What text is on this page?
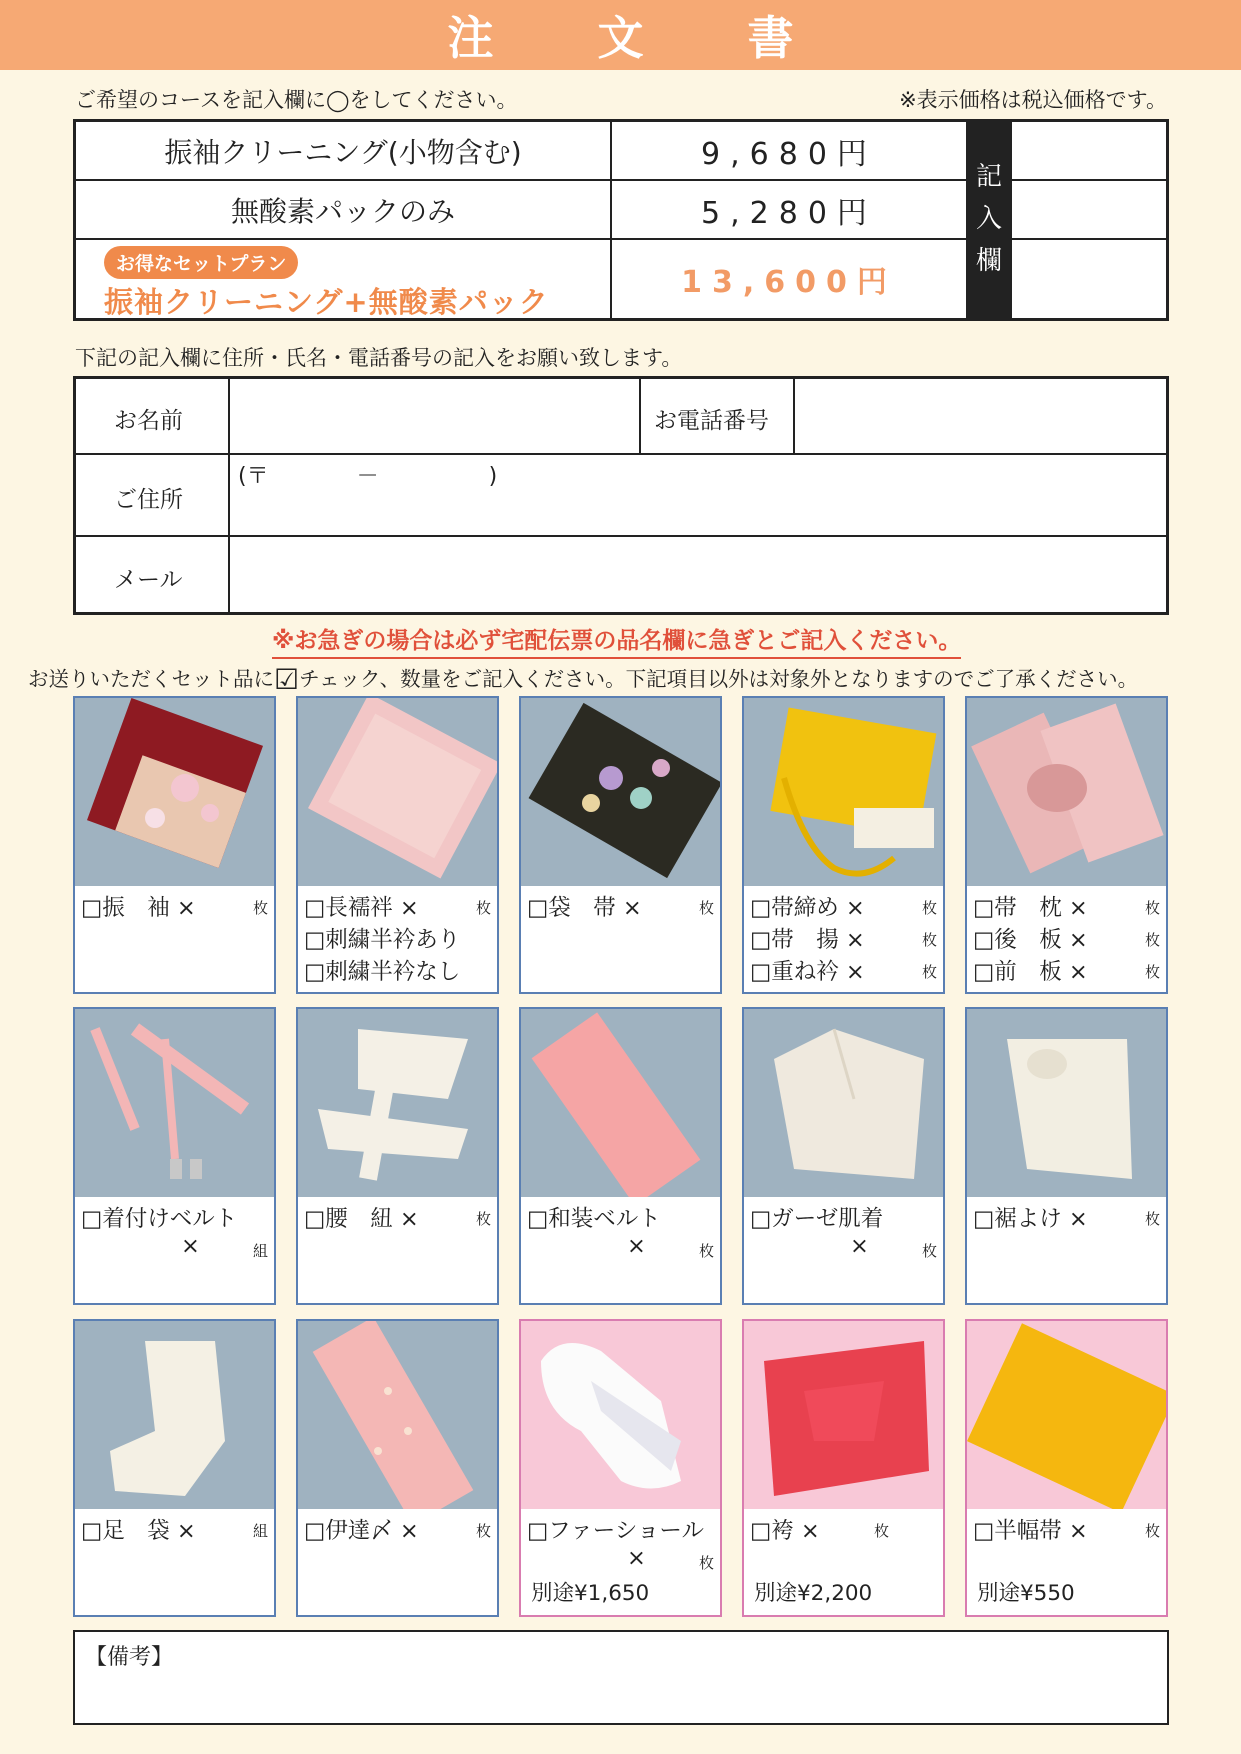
注 文 書
ご希望のコースを記入欄に◯をしてください。	※表示価格は税込価格です。
振袖クリーニング(小物含む)	9,680円
無酸素パックのみ	5,280円
お得なセットプラン
振袖クリーニング+無酸素パック
13,600円
記
入
欄
下記の記入欄に住所・氏名・電話番号の記入をお願い致します。
お名前	お電話番号
ご住所
(〒　　　　－　　　　　)
メール
※お急ぎの場合は必ず宅配伝票の品名欄に急ぎとご記入ください。
お送りいただくセット品に☑チェック、数量をご記入ください。下記項目以外は対象外となりますのでご了承ください。
□振　袖 ×	枚 □長襦袢 ×	枚
□刺繍半衿あり
□刺繍半衿なし
□袋　帯 ×	枚 □帯締め ×	枚
□帯　揚 ×	枚
□重ね衿 ×	枚
□帯　枕 ×	枚
□後　板 ×	枚
□前　板 ×	枚
□着付けベルト
×	組
□腰　紐 ×	枚 □和装ベルト
×	枚
□ガーゼ肌着
×	枚
□裾よけ ×	枚
□足　袋 ×	組 □伊達〆 ×	枚 □ファーショール
×	枚
別途¥1,650
□袴 ×	枚
別途¥2,200
□半幅帯 ×	枚
別途¥550
【備考】
